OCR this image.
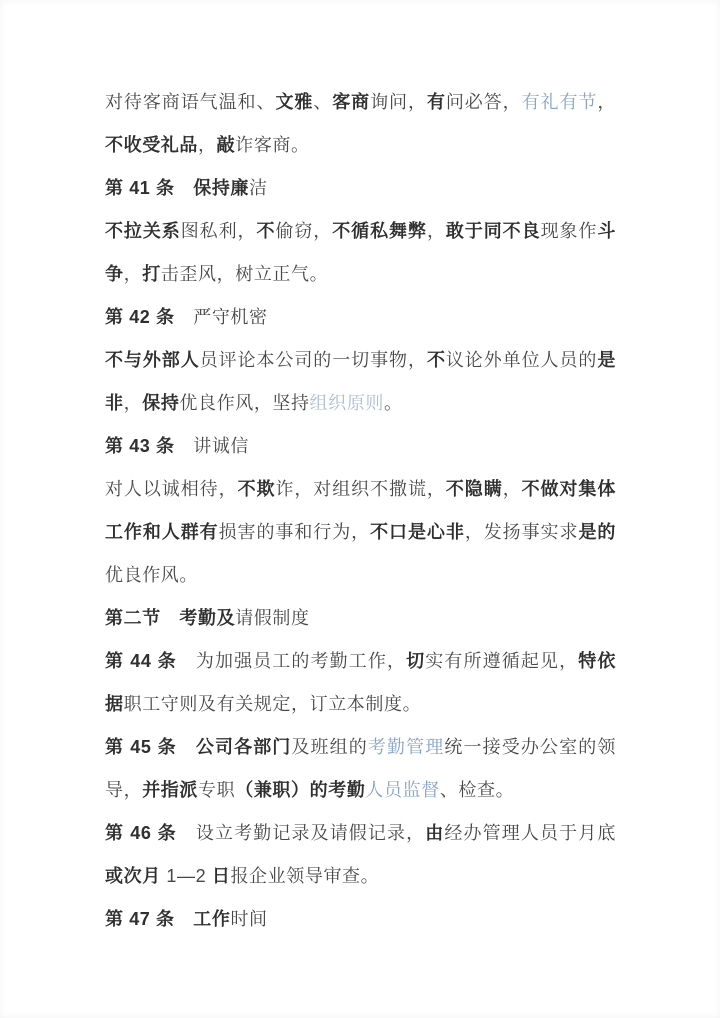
对待客商语气温和、文雅、客商询问，有问必答，有礼有节，不收受礼品，敲诈客商。

第 41 条　保持廉洁

不拉关系图私利，不偷窃，不循私舞弊，敢于同不良现象作斗争，打击歪风，树立正气。

第 42 条　严守机密

不与外部人员评论本公司的一切事物，不议论外单位人员的是非，保持优良作风，坚持组织原则。

第 43 条　讲诚信

对人以诚相待，不欺诈，对组织不撒谎，不隐瞒，不做对集体工作和人群有损害的事和行为，不口是心非，发扬事实求是的优良作风。

第二节　考勤及请假制度

第 44 条　为加强员工的考勤工作，切实有所遵循起见，特依据职工守则及有关规定，订立本制度。

第 45 条　公司各部门及班组的考勤管理统一接受办公室的领导，并指派专职（兼职）的考勤人员监督、检查。

第 46 条　设立考勤记录及请假记录，由经办管理人员于月底或次月 1—2 日报企业领导审查。

第 47 条　工作时间
